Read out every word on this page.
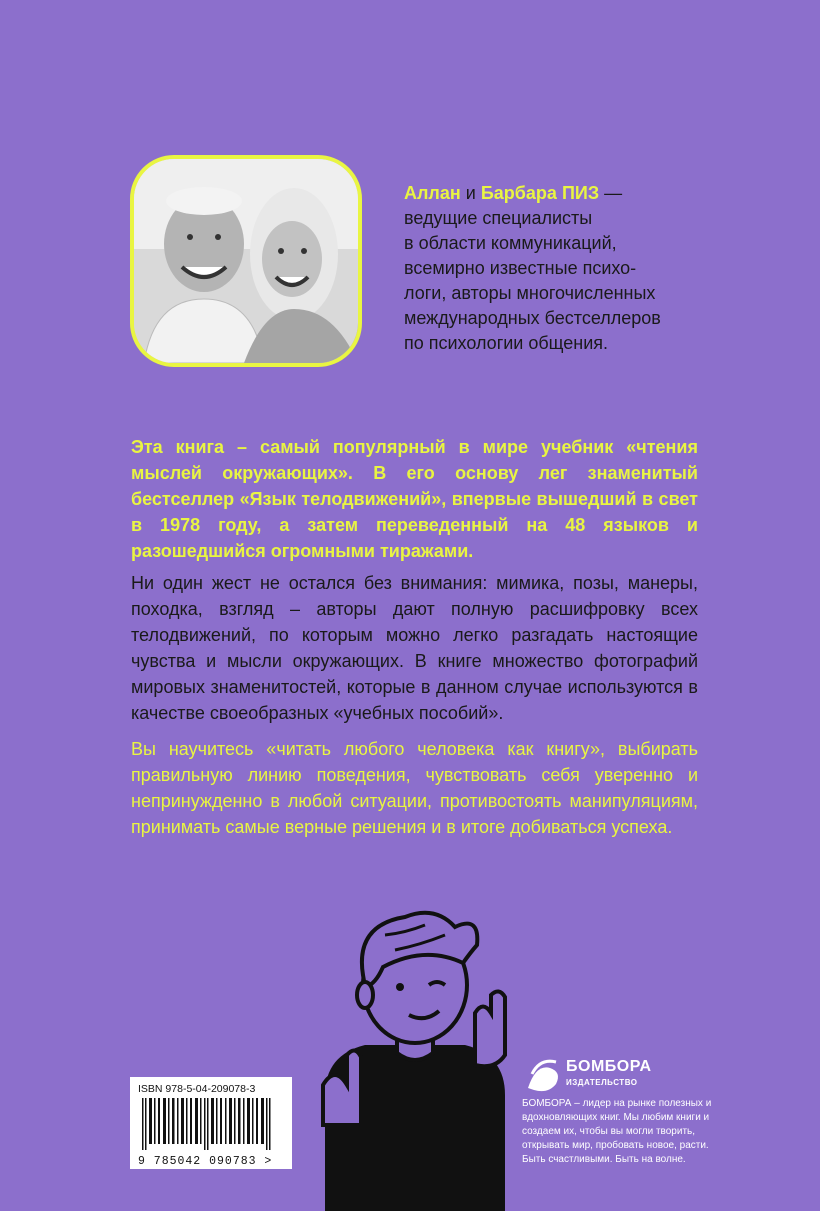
Аллан и Барбара ПИЗ —
ведущие специалисты
в области коммуникаций,
всемирно известные психо-
логи, авторы многочисленных
международных бестселлеров
по психологии общения.
Эта книга – самый популярный в мире учебник «чтения мыслей окружающих». В его основу лег знаменитый бестселлер «Язык телодвижений», впервые вышедший в свет в 1978 году, а затем переведенный на 48 языков и разошедшийся огромными тиражами.
Ни один жест не остался без внимания: мимика, позы, манеры, походка, взгляд – авторы дают полную расшифровку всех телодвижений, по которым можно легко разгадать настоящие чувства и мысли окружающих. В книге множество фотографий мировых знаменитостей, которые в данном случае используются в качестве своеобразных «учебных пособий».
Вы научитесь «читать любого человека как книгу», выбирать правильную линию поведения, чувствовать себя уверенно и непринужденно в любой ситуации, противостоять манипуляциям, принимать самые верные решения и в итоге добиваться успеха.
ISBN 978-5-04-209078-3
9 785042 090783 >
БОМБОРА
ИЗДАТЕЛЬСТВО
БОМБОРА – лидер на рынке полезных и вдохновляющих книг. Мы любим книги и создаем их, чтобы вы могли творить, открывать мир, пробовать новое, расти. Быть счастливыми. Быть на волне.
